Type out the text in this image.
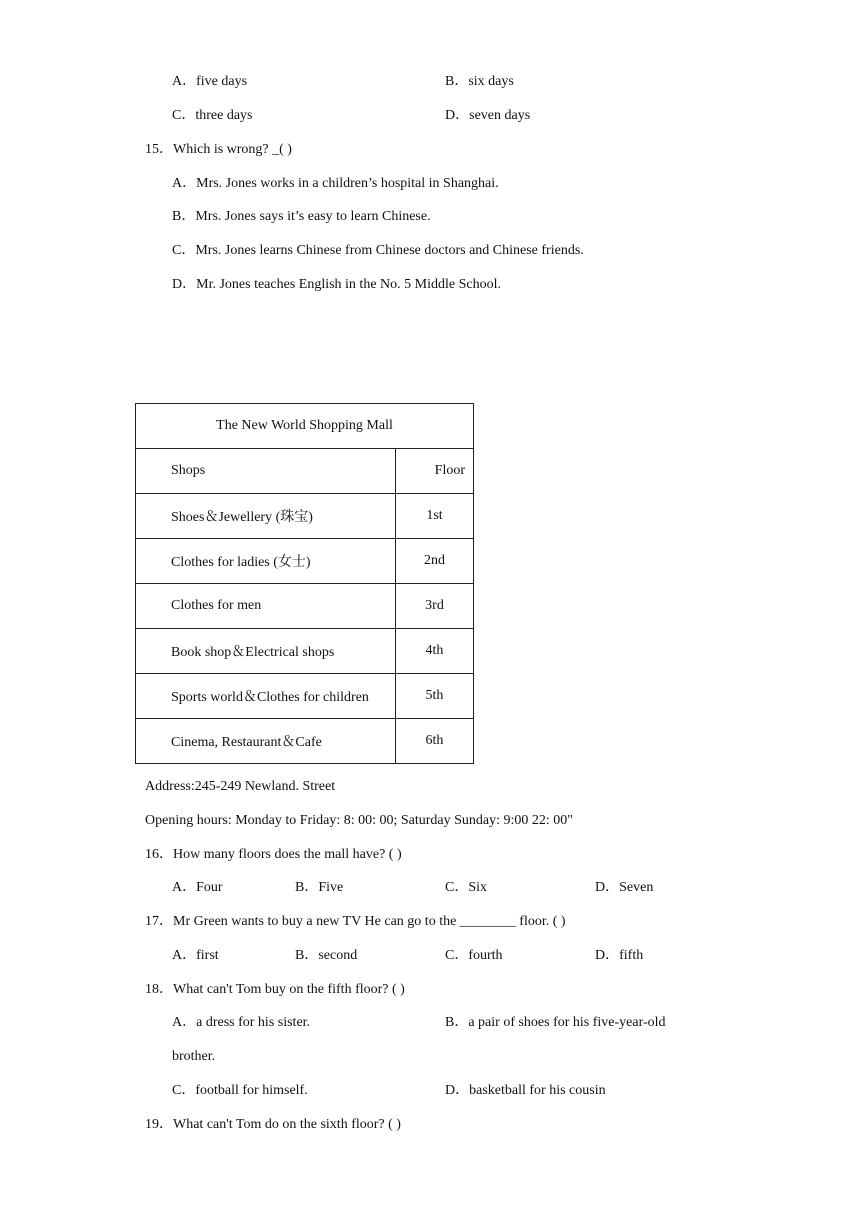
A．five days	B．six days
C．three days	D．seven days
15．Which is wrong? _( )
A．Mrs. Jones works in a children’s hospital in Shanghai.
B．Mrs. Jones says it’s easy to learn Chinese.
C．Mrs. Jones learns Chinese from Chinese doctors and Chinese friends.
D．Mr. Jones teaches English in the No. 5 Middle School.
The New World Shopping Mall	
Shops	Floor
Shoes＆Jewellery (珠宝)	1st
Clothes for ladies (女士)	2nd
Clothes for men	3rd
Book shop＆Electrical shops	4th
Sports world＆Clothes for children	5th
Cinema, Restaurant＆Cafe	6th
Address:245-249 Newland. Street
Opening hours: Monday to Friday: 8: 00: 00; Saturday Sunday: 9:00 22: 00"
16．How many floors does the mall have? ( )
A．Four	B．Five	C．Six	D．Seven
17．Mr Green wants to buy a new TV He can go to the ________ floor. ( )
A．first	B．second	C．fourth	D．fifth
18．What can't Tom buy on the fifth floor? ( )
A．a dress for his sister.	B．a pair of shoes for his five-year-old
brother.
C．football for himself.	D．basketball for his cousin
19．What can't Tom do on the sixth floor? ( )
